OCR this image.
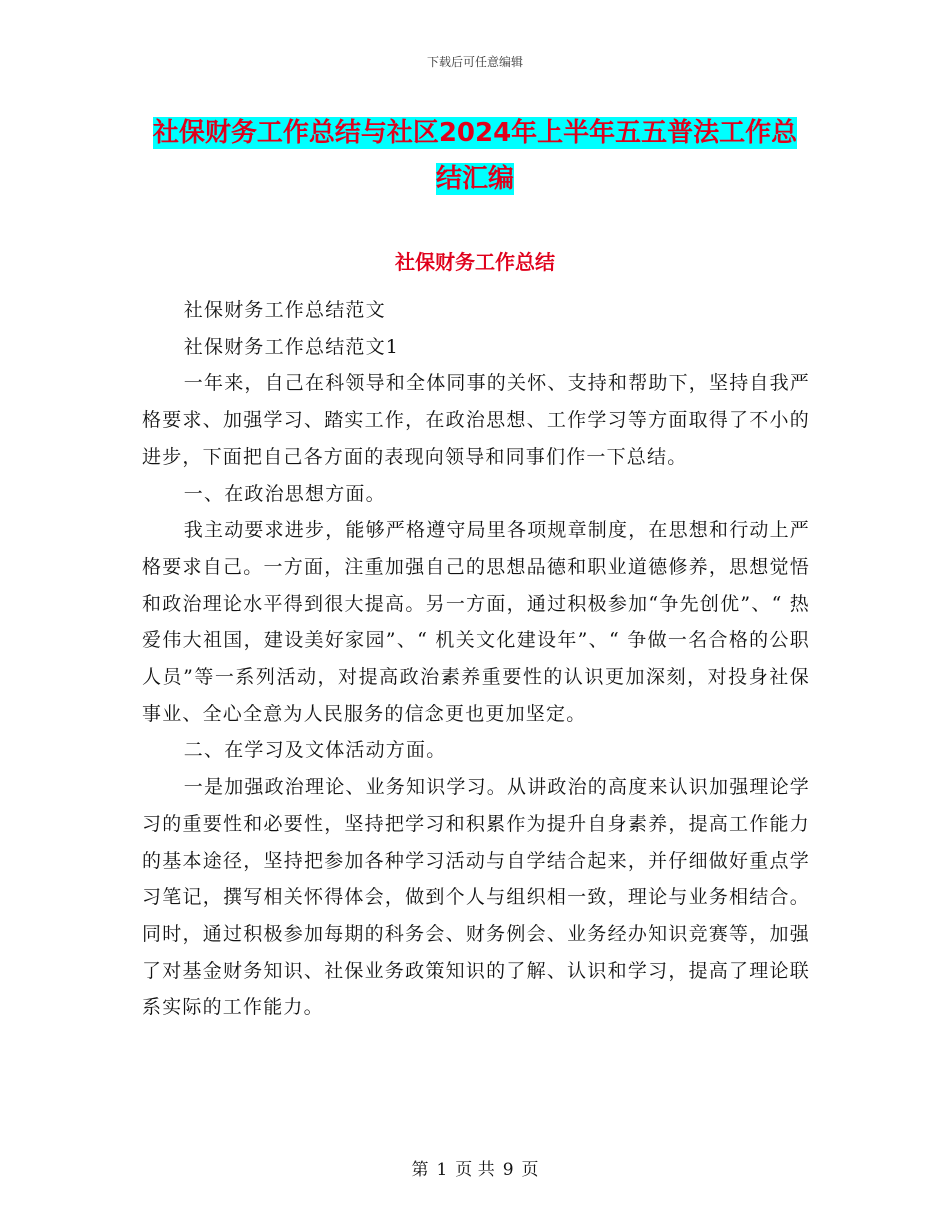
下载后可任意编辑
社保财务工作总结与社区2024年上半年五五普法工作总结汇编
社保财务工作总结

社保财务工作总结范文

社保财务工作总结范文1

一年来，自己在科领导和全体同事的关怀、支持和帮助下，坚持自我严格要求、加强学习、踏实工作，在政治思想、工作学习等方面取得了不小的进步，下面把自己各方面的表现向领导和同事们作一下总结。

一、在政治思想方面。

我主动要求进步，能够严格遵守局里各项规章制度，在思想和行动上严格要求自己。一方面，注重加强自己的思想品德和职业道德修养，思想觉悟和政治理论水平得到很大提高。另一方面，通过积极参加“争先创优”、“ 热爱伟大祖国，建设美好家园”、“ 机关文化建设年”、“ 争做一名合格的公职人员”等一系列活动，对提高政治素养重要性的认识更加深刻，对投身社保事业、全心全意为人民服务的信念更也更加坚定。

二、在学习及文体活动方面。

一是加强政治理论、业务知识学习。从讲政治的高度来认识加强理论学习的重要性和必要性，坚持把学习和积累作为提升自身素养，提高工作能力的基本途径，坚持把参加各种学习活动与自学结合起来，并仔细做好重点学习笔记，撰写相关怀得体会，做到个人与组织相一致，理论与业务相结合。同时，通过积极参加每期的科务会、财务例会、业务经办知识竞赛等，加强了对基金财务知识、社保业务政策知识的了解、认识和学习，提高了理论联系实际的工作能力。

第 1 页 共 9 页
